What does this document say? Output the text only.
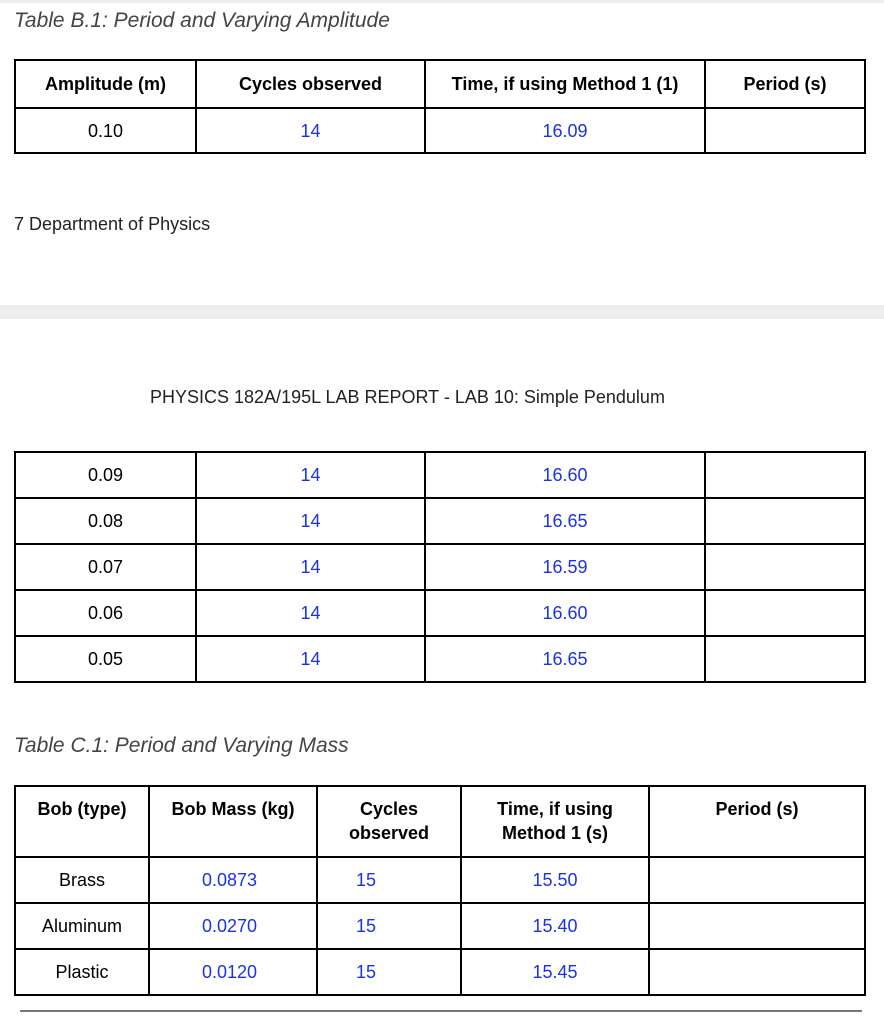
Table B.1: Period and Varying Amplitude
Amplitude (m)	Cycles observed	Time, if using Method 1 (1)	Period (s)
0.10	14	16.09	
7 Department of Physics
PHYSICS 182A/195L LAB REPORT - LAB 10: Simple Pendulum
0.09	14	16.60	
0.08	14	16.65	
0.07	14	16.59	
0.06	14	16.60	
0.05	14	16.65	
Table C.1: Period and Varying Mass
Bob (type)	Bob Mass (kg)	Cycles observed	Time, if using Method 1 (s)	Period (s)
Brass	0.0873	15	15.50	
Aluminum	0.0270	15	15.40	
Plastic	0.0120	15	15.45	
